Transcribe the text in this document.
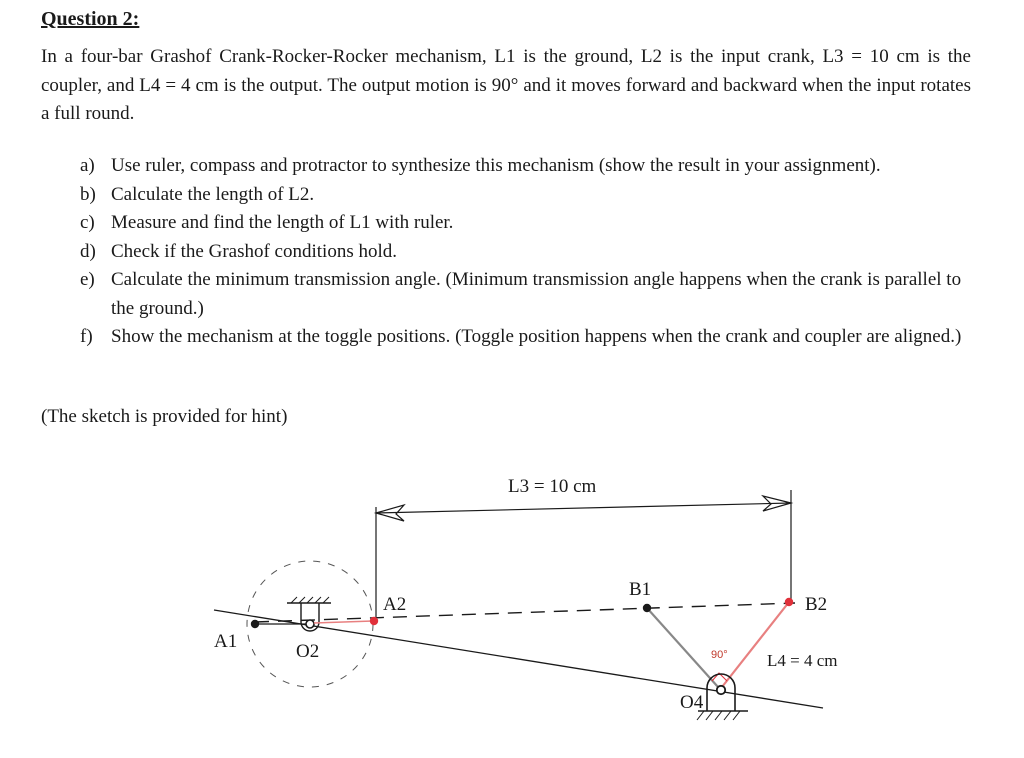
Question 2:

In a four-bar Grashof Crank-Rocker-Rocker mechanism, L1 is the ground, L2 is the input crank, L3 = 10 cm is the coupler, and L4 = 4 cm is the output. The output motion is 90° and it moves forward and backward when the input rotates a full round.

a) Use ruler, compass and protractor to synthesize this mechanism (show the result in your assignment).
b) Calculate the length of L2.
c) Measure and find the length of L1 with ruler.
d) Check if the Grashof conditions hold.
e) Calculate the minimum transmission angle. (Minimum transmission angle happens when the crank is parallel to the ground.)
f) Show the mechanism at the toggle positions. (Toggle position happens when the crank and coupler are aligned.)

(The sketch is provided for hint)

L3 = 10 cm
A1
A2
O2
B1
B2
O4
90° L4 = 4 cm
